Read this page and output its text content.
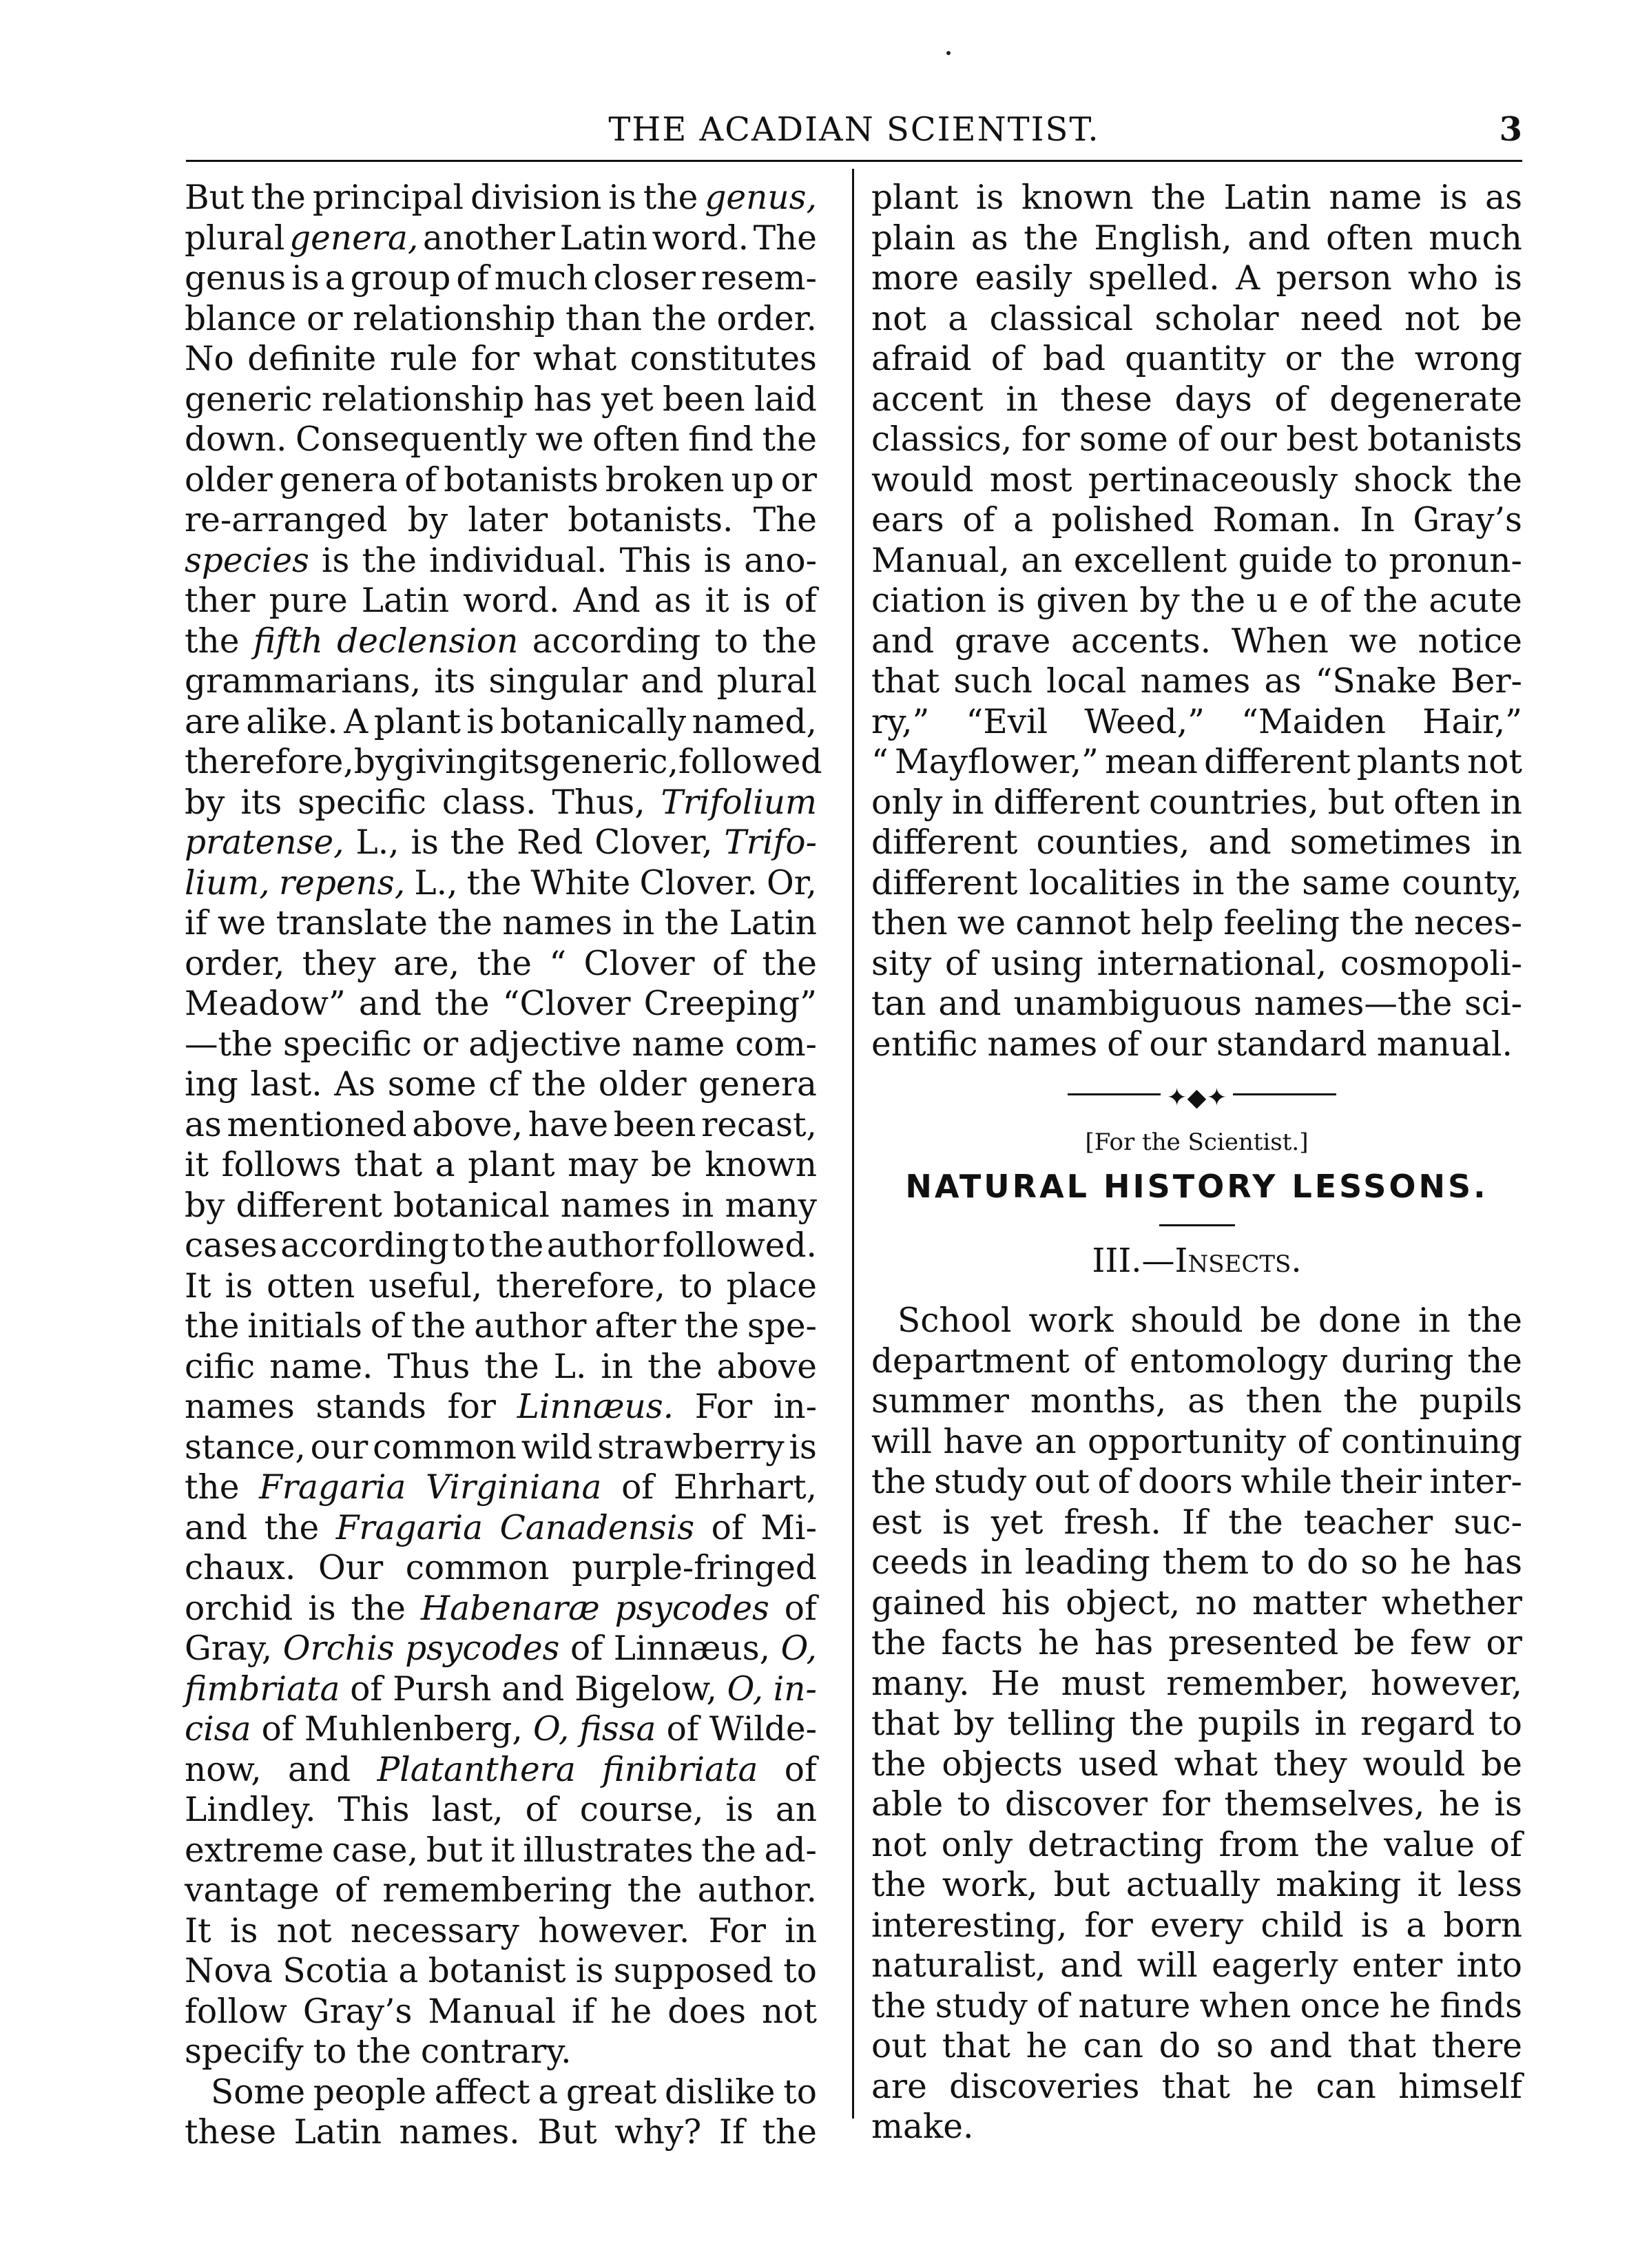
THE ACADIAN SCIENTIST.	3
But the principal division is the genus,
plural genera, another Latin word. The
genus is a group of much closer resem-
blance or relationship than the order.
No definite rule for what constitutes
generic relationship has yet been laid
down. Consequently we often find the
older genera of botanists broken up or
re-arranged by later botanists. The
species is the individual. This is ano-
ther pure Latin word. And as it is of
the fifth declension according to the
grammarians, its singular and plural
are alike. A plant is botanically named,
therefore, by giving its generic, followed
by its specific class. Thus, Trifolium
pratense, L., is the Red Clover, Trifo-
lium, repens, L., the White Clover. Or,
if we translate the names in the Latin
order, they are, the “ Clover of the
Meadow” and the “Clover Creeping”
—the specific or adjective name com-
ing last. As some cf the older genera
as mentioned above, have been recast,
it follows that a plant may be known
by different botanical names in many
cases according to the author followed.
It is otten useful, therefore, to place
the initials of the author after the spe-
cific name. Thus the L. in the above
names stands for Linnæus. For in-
stance, our common wild strawberry is
the Fragaria Virginiana of Ehrhart,
and the Fragaria Canadensis of Mi-
chaux. Our common purple-fringed
orchid is the Habenaræ psycodes of
Gray, Orchis psycodes of Linnæus, O,
fimbriata of Pursh and Bigelow, O, in-
cisa of Muhlenberg, O, fissa of Wilde-
now, and Platanthera finibriata of
Lindley. This last, of course, is an
extreme case, but it illustrates the ad-
vantage of remembering the author.
It is not necessary however. For in
Nova Scotia a botanist is supposed to
follow Gray’s Manual if he does not
specify to the contrary.
Some people affect a great dislike to
these Latin names. But why? If the
plant is known the Latin name is as
plain as the English, and often much
more easily spelled. A person who is
not a classical scholar need not be
afraid of bad quantity or the wrong
accent in these days of degenerate
classics, for some of our best botanists
would most pertinaceously shock the
ears of a polished Roman. In Gray’s
Manual, an excellent guide to pronun-
ciation is given by the u e of the acute
and grave accents. When we notice
that such local names as “Snake Ber-
ry,” “Evil Weed,” “Maiden Hair,”
“ Mayflower,” mean different plants not
only in different countries, but often in
different counties, and sometimes in
different localities in the same county,
then we cannot help feeling the neces-
sity of using international, cosmopoli-
tan and unambiguous names—the sci-
entific names of our standard manual.
✦◆✦
[For the Scientist.]
NATURAL HISTORY LESSONS.
III.—Insects.
School work should be done in the
department of entomology during the
summer months, as then the pupils
will have an opportunity of continuing
the study out of doors while their inter-
est is yet fresh. If the teacher suc-
ceeds in leading them to do so he has
gained his object, no matter whether
the facts he has presented be few or
many. He must remember, however,
that by telling the pupils in regard to
the objects used what they would be
able to discover for themselves, he is
not only detracting from the value of
the work, but actually making it less
interesting, for every child is a born
naturalist, and will eagerly enter into
the study of nature when once he finds
out that he can do so and that there
are discoveries that he can himself
make.
